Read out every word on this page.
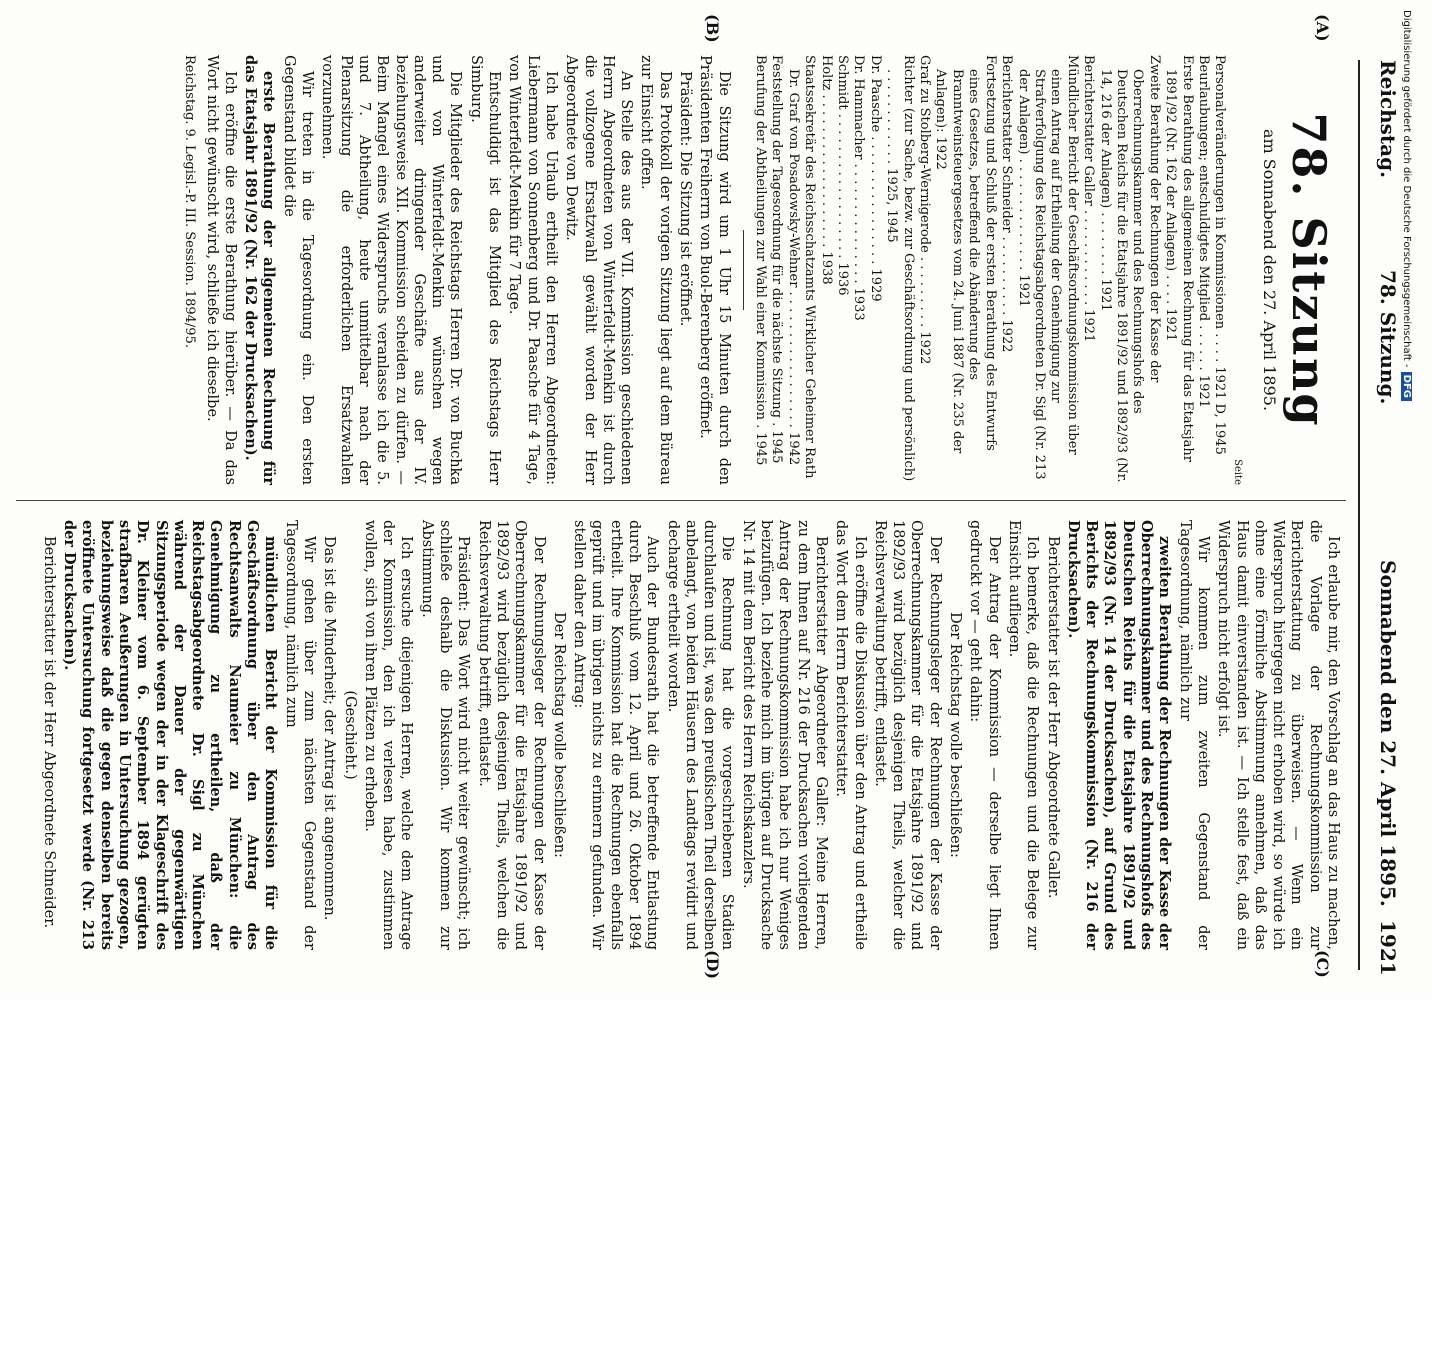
Reichstag.
78. Sitzung.
Sonnabend den 27. April 1895.
1921
(A)
(B)
(C)
(D)
78. Sitzung
am Sonnabend den 27. April 1895.
Seite
Personalveränderungen in Kommissionen . . . . 1921 D, 1945
Beurlaubungen; entschuldigtes Mitglied . . . . . . 1921
Erste Berathung des allgemeinen Rechnung für das Etatsjahr 1891/92 (Nr. 162 der Anlagen) . . . . 1921
Zweite Berathung der Rechnungen der Kasse der Oberrechnungskammer und des Rechnungshofs des Deutschen Reichs für die Etatsjahre 1891/92 und 1892/93 (Nr. 14, 216 der Anlagen) . . . . . . . . 1921
Berichterstatter Galler . . . . . . . . . . . . 1921
Mündlicher Bericht der Geschäftsordnungskommission über einen Antrag auf Ertheilung der Genehmigung zur Strafverfolgung des Reichstagsabgeordneten Dr. Sigl (Nr. 213 der Anlagen) . . . . . . . . . . . . . . 1921
Berichterstatter Schneider . . . . . . . . . . 1922
Fortsetzung und Schluß der ersten Berathung des Entwurfs eines Gesetzes, betreffend die Abänderung des Branntweinsteuergesetzes vom 24. Juni 1887 (Nr. 235 der Anlagen): 1922
Graf zu Stolberg-Wernigerode . . . . . . . . . 1922
Richter (zur Sache, bezw. zur Geschäftsordnung und persönlich) . . . . . . . . . . . . 1925, 1945
Dr. Paasche . . . . . . . . . . . . . . . . 1929
Dr. Hammacher . . . . . . . . . . . . . . . 1933
Schmidt . . . . . . . . . . . . . . . . . . 1936
Holtz . . . . . . . . . . . . . . . . . . . 1938
Staatssekretär des Reichsschatzamts Wirklicher Geheimer Rath Dr. Graf von Posadowsky-Wehner . . . . . . . . . . . . . . . . . 1942
Feststellung der Tagesordnung für die nächste Sitzung . 1945
Berufung der Abtheilungen zur Wahl einer Kommission . 1945

Die Sitzung wird um 1 Uhr 15 Minuten durch den Präsidenten Freiherrn von Buol-Berenberg eröffnet.

Präsident: Die Sitzung ist eröffnet.

Das Protokoll der vorigen Sitzung liegt auf dem Büreau zur Einsicht offen.

An Stelle des aus der VII. Kommission geschiedenen Herrn Abgeordneten von Winterfeldt-Menkin ist durch die vollzogene Ersatzwahl gewählt worden der Herr Abgeordnete von Dewitz.

Ich habe Urlaub ertheilt den Herren Abgeordneten: Liebermann von Sonnenberg und Dr. Paasche für 4 Tage, von Winterfeldt-Menkin für 7 Tage.

Entschuldigt ist das Mitglied des Reichstags Herr Simburg.

Die Mitglieder des Reichstags Herren Dr. von Buchka und von Winterfeldt-Menkin wünschen wegen anderweiter dringender Geschäfte aus der IV. beziehungsweise XII. Kommission scheiden zu dürfen. — Beim Mangel eines Widerspruchs veranlasse ich die 5. und 7. Abtheilung, heute unmittelbar nach der Plenarsitzung die erforderlichen Ersatzwahlen vorzunehmen.

Wir treten in die Tagesordnung ein. Den ersten Gegenstand bildet die

erste Berathung der allgemeinen Rechnung für das Etatsjahr 1891/92 (Nr. 162 der Drucksachen).

Ich eröffne die erste Berathung hierüber. — Da das Wort nicht gewünscht wird, schließe ich dieselbe.

Reichstag. 9. Legisl.-P. III. Session. 1894/95.

Ich erlaube mir, den Vorschlag an das Haus zu machen, die Vorlage der Rechnungskommission zur Berichterstattung zu überweisen. — Wenn ein Widerspruch hiergegen nicht erhoben wird, so würde ich ohne eine förmliche Abstimmung annehmen, daß das Haus damit einverstanden ist. — Ich stelle fest, daß ein Widerspruch nicht erfolgt ist.

Wir kommen zum zweiten Gegenstand der Tagesordnung, nämlich zur

zweiten Berathung der Rechnungen der Kasse der Oberrechnungskammer und des Rechnungshofs des Deutschen Reichs für die Etatsjahre 1891/92 und 1892/93 (Nr. 14 der Drucksachen), auf Grund des Berichts der Rechnungskommission (Nr. 216 der Drucksachen).

Berichterstatter ist der Herr Abgeordnete Galler.

Ich bemerke, daß die Rechnungen und die Belege zur Einsicht aufliegen.

Der Antrag der Kommission — derselbe liegt Ihnen gedruckt vor — geht dahin:

Der Reichstag wolle beschließen:

Der Rechnungsleger der Rechnungen der Kasse der Oberrechnungskammer für die Etatsjahre 1891/92 und 1892/93 wird bezüglich desjenigen Theils, welcher die Reichsverwaltung betrifft, entlastet.

Ich eröffne die Diskussion über den Antrag und ertheile das Wort dem Herrn Berichterstatter.

Berichterstatter Abgeordneter Galler: Meine Herren, zu dem Ihnen auf Nr. 216 der Drucksachen vorliegenden Antrag der Rechnungskommission habe ich nur Weniges beizufügen. Ich beziehe mich im übrigen auf Drucksache Nr. 14 mit dem Bericht des Herrn Reichskanzlers.

Die Rechnung hat die vorgeschriebenen Stadien durchlaufen und ist, was den preußischen Theil derselben anbelangt, von beiden Häusern des Landtags revidirt und decharge ertheilt worden.

Auch der Bundesrath hat die betreffende Entlastung durch Beschluß vom 12. April und 26. Oktober 1894 ertheilt. Ihre Kommission hat die Rechnungen ebenfalls geprüft und im übrigen nichts zu erinnern gefunden. Wir stellen daher den Antrag:

Der Reichstag wolle beschließen:

Der Rechnungsleger der Rechnungen der Kasse der Oberrechnungskammer für die Etatsjahre 1891/92 und 1892/93 wird bezüglich desjenigen Theils, welchen die Reichsverwaltung betrifft, entlastet.

Präsident: Das Wort wird nicht weiter gewünscht; ich schließe deshalb die Diskussion. Wir kommen zur Abstimmung.

Ich ersuche diejenigen Herren, welche dem Antrage der Kommission, den ich verlesen habe, zustimmen wollen, sich von ihren Plätzen zu erheben.

(Geschieht.)

Das ist die Minderheit; der Antrag ist angenommen.

Wir gehen über zum nächsten Gegenstand der Tagesordnung, nämlich zum

mündlichen Bericht der Kommission für die Geschäftsordnung über den Antrag des Rechtsanwalts Naumeier zu München: die Genehmigung zu ertheilen, daß der Reichstagsabgeordnete Dr. Sigl zu München während der Dauer der gegenwärtigen Sitzungsperiode wegen der in der Klageschrift des Dr. Kleiner vom 6. September 1894 gerügten strafbaren Aeußerungen in Untersuchung gezogen, beziehungsweise daß die gegen denselben bereits eröffnete Untersuchung fortgesetzt werde (Nr. 213 der Drucksachen).

Berichterstatter ist der Herr Abgeordnete Schneider.

Digitalisierung gefördert durch die Deutsche Forschungsgemeinschaft -DFG
